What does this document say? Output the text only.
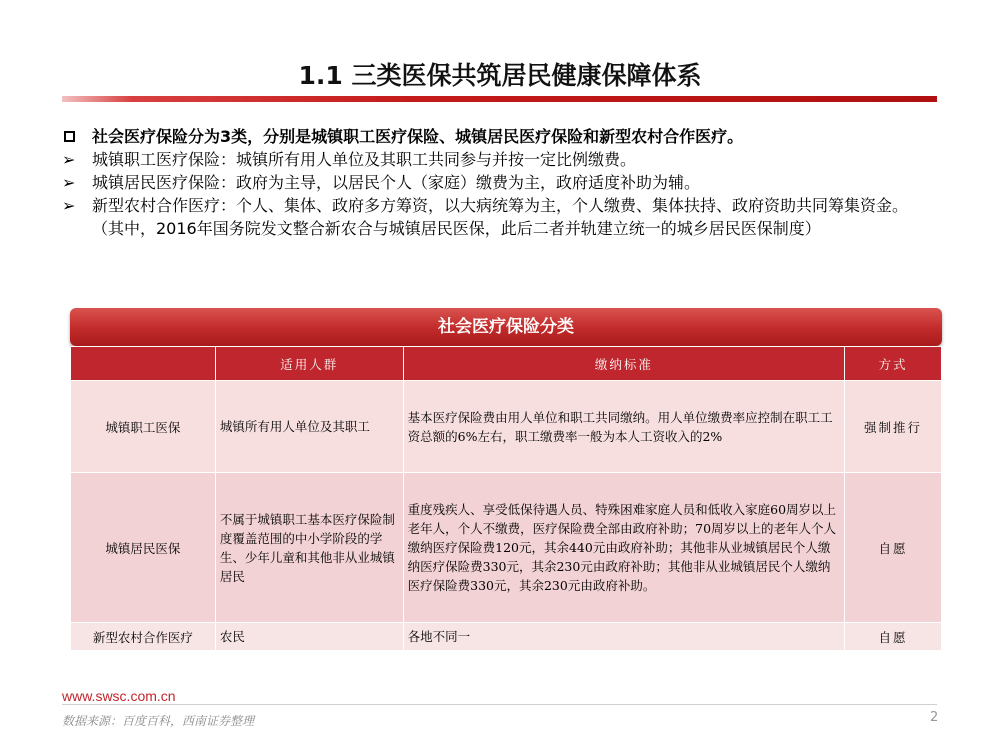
1.1 三类医保共筑居民健康保障体系
社会医疗保险分为3类，分别是城镇职工医疗保险、城镇居民医疗保险和新型农村合作医疗。
➢	城镇职工医疗保险：城镇所有用人单位及其职工共同参与并按一定比例缴费。
➢	城镇居民医疗保险：政府为主导，以居民个人（家庭）缴费为主，政府适度补助为辅。
➢	新型农村合作医疗：个人、集体、政府多方筹资，以大病统筹为主，个人缴费、集体扶持、政府资助共同筹集资金。
（其中，2016年国务院发文整合新农合与城镇居民医保，此后二者并轨建立统一的城乡居民医保制度）
社会医疗保险分类
	适用人群	缴纳标准	方式
城镇职工医保	城镇所有用人单位及其职工	基本医疗保险费由用人单位和职工共同缴纳。用人单位缴费率应控制在职工工资总额的6%左右，职工缴费率一般为本人工资收入的2%	强制推行
城镇居民医保	不属于城镇职工基本医疗保险制度覆盖范围的中小学阶段的学生、少年儿童和其他非从业城镇居民	重度残疾人、享受低保待遇人员、特殊困难家庭人员和低收入家庭60周岁以上老年人，个人不缴费，医疗保险费全部由政府补助；70周岁以上的老年人个人缴纳医疗保险费120元，其余440元由政府补助；其他非从业城镇居民个人缴纳医疗保险费330元，其余230元由政府补助；其他非从业城镇居民个人缴纳医疗保险费330元，其余230元由政府补助。	自愿
新型农村合作医疗	农民	各地不同一	自愿
www.swsc.com.cn
数据来源：百度百科，西南证券整理	2
